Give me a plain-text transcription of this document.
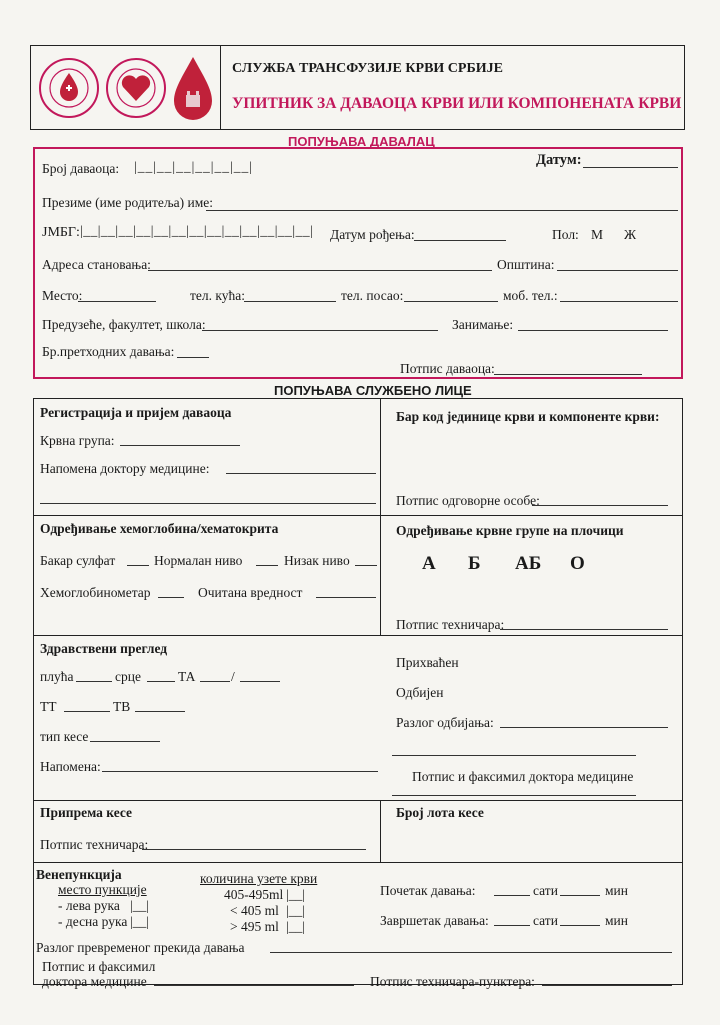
СЛУЖБА ТРАНСФУЗИЈЕ КРВИ СРБИЈЕ
УПИТНИК ЗА ДАВАОЦА КРВИ ИЛИ КОМПОНЕНАТА КРВИ
ПОПУЊАВА ДАВАЛАЦ
Број даваоца: |__|__|__|__|__|__|	Датум:
Презиме (име родитеља) име:
ЈМБГ: |__|__|__|__|__|__|__|__|__|__|__|__|__| Датум рођења:	Пол: М Ж
Адреса становања:	Општина:
Место:	тел. кућа:	тел. посао:	моб. тел.:
Предузеће, факултет, школа:	Занимање:
Бр.претходних давања:
Потпис даваоца:
ПОПУЊАВА СЛУЖБЕНО ЛИЦЕ
Регистрација и пријем даваоца
Крвна група:
Напомена доктору медицине:
Бар код јединице крви и компоненте крви:
Потпис одговорне особе:
Одређивање хемоглобина/хематокрита
Бакар сулфат	Нормалан ниво	Низак ниво
Хемоглобинометар	Очитана вредност
Одређивање крвне групе на плочици
А Б АБ О
Потпис техничара:
Здравствени преглед
плућа	срце	ТА	/
ТТ	ТВ
тип кесе
Напомена:
Прихваћен
Одбијен
Разлог одбијања:
Потпис и факсимил доктора медицине
Припрема кесе
Потпис техничара:
Број лота кесе
Венепункција
место пункције
- лева рука |__|
- десна рука |__|
количина узете крви
405-495ml |__|
< 405 ml |__|
> 495 ml |__|
Почетак давања:	сати	мин
Завршетак давања:	сати	мин
Разлог превременог прекида давања
Потпис и факсимил
доктора медицине	Потпис техничара-пунктера:
